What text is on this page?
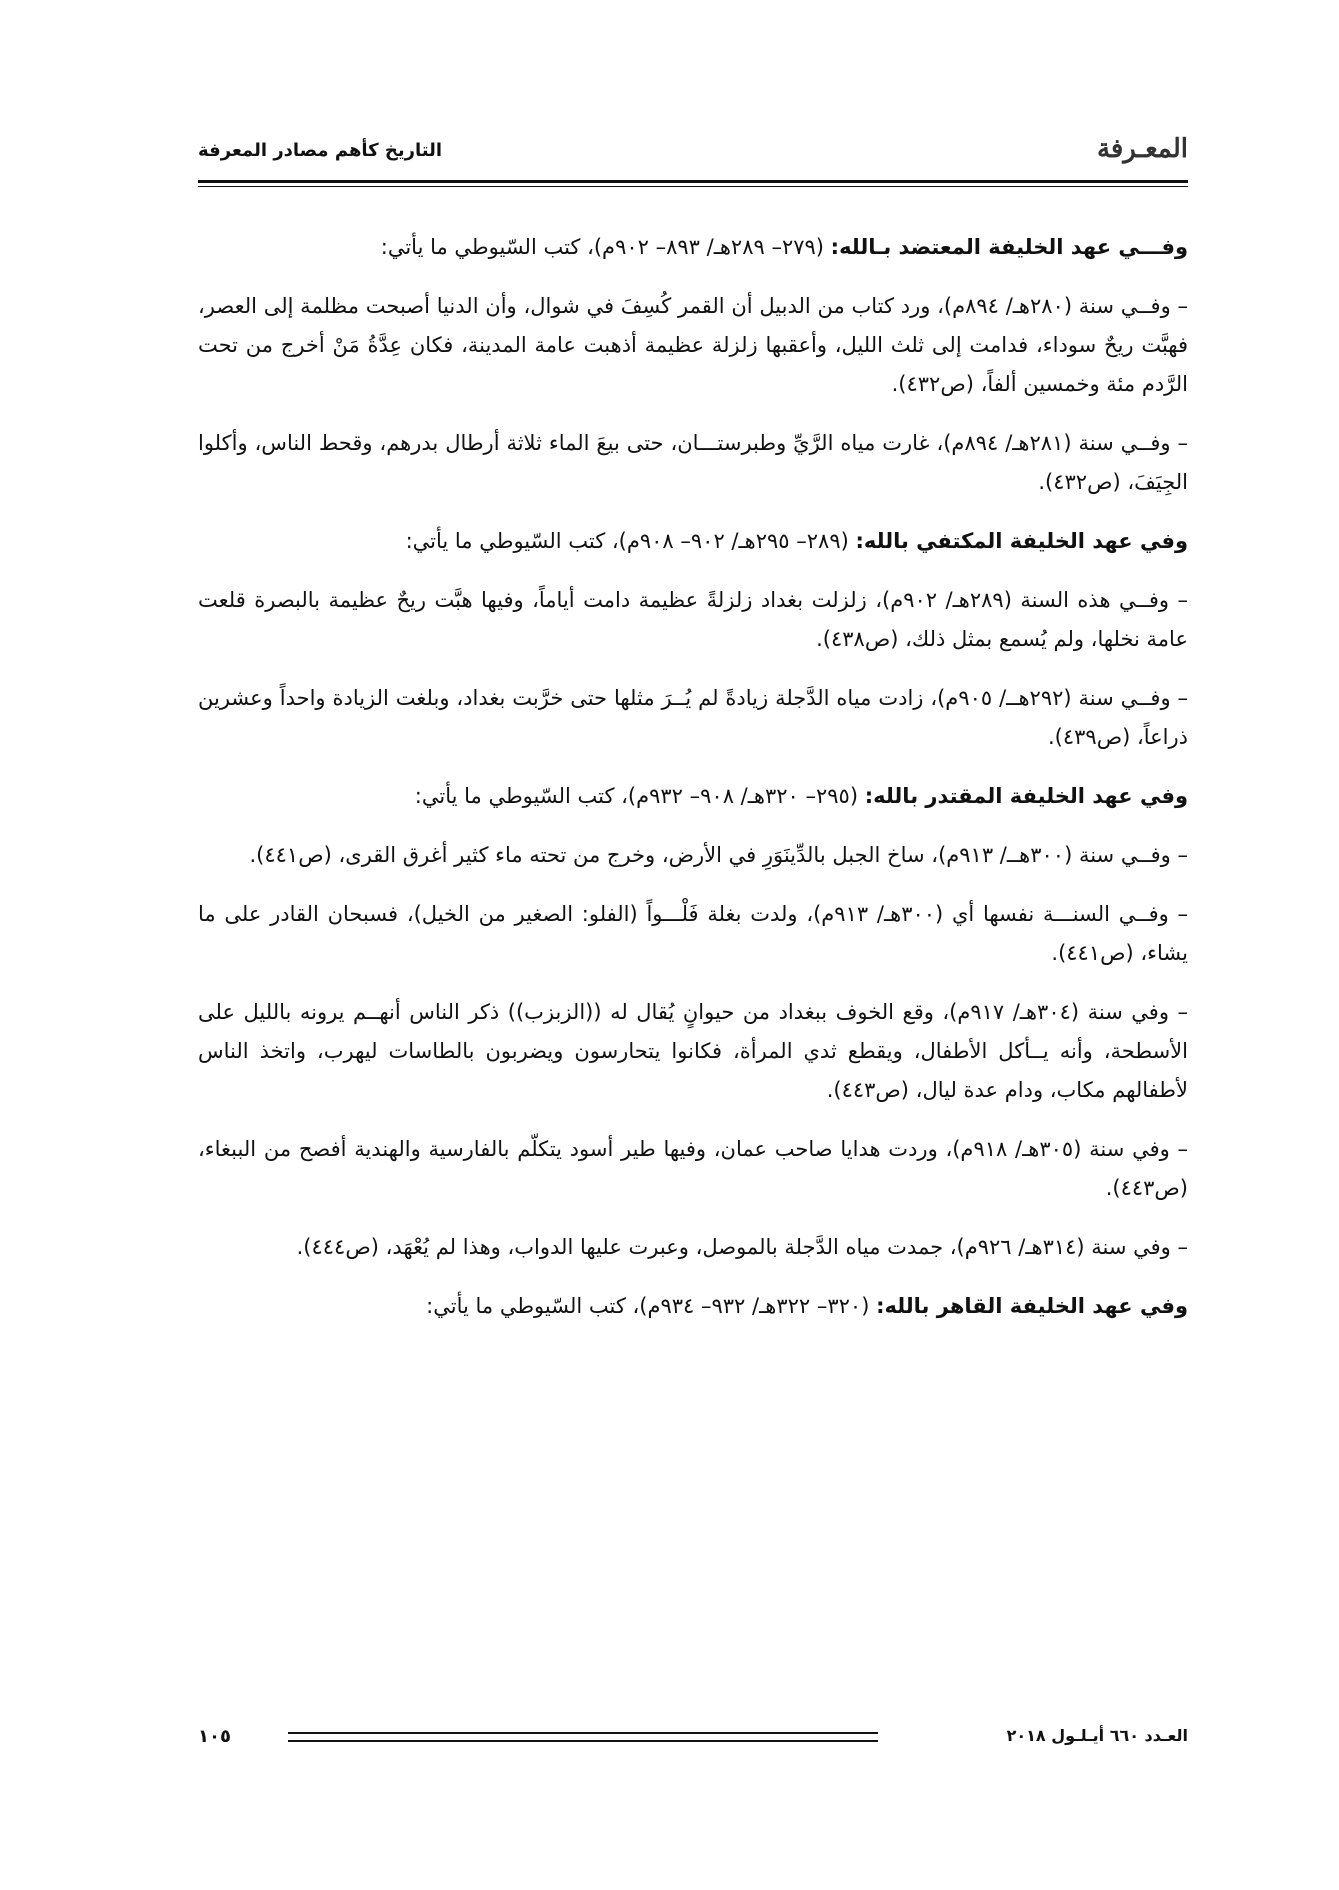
المعـرفة
التاريخ كأهم مصادر المعرفة

وفـــي عهد الخليفة المعتضد بـالله: (٢٧٩– ٢٨٩هـ/ ٨٩٣– ٩٠٢م)، كتب السّيوطي ما يأتي:

– وفــي سنة (٢٨٠هـ/ ٨٩٤م)، ورد كتاب من الدبيل أن القمر كُسِفَ في شوال، وأن الدنيا أصبحت مظلمة إلى العصر، فهبَّت ريحٌ سوداء، فدامت إلى ثلث الليل، وأعقبها زلزلة عظيمة أذهبت عامة المدينة، فكان عِدَّةُ مَنْ أخرج من تحت الرَّدم مئة وخمسين ألفاً، (ص٤٣٢).

– وفــي سنة (٢٨١هـ/ ٨٩٤م)، غارت مياه الرَّيِّ وطبرستـــان، حتى بيعَ الماء ثلاثة أرطال بدرهم، وقحط الناس، وأكلوا الجِيَفَ، (ص٤٣٢).

وفي عهد الخليفة المكتفي بالله: (٢٨٩– ٢٩٥هـ/ ٩٠٢– ٩٠٨م)، كتب السّيوطي ما يأتي:

– وفــي هذه السنة (٢٨٩هـ/ ٩٠٢م)، زلزلت بغداد زلزلةً عظيمة دامت أياماً، وفيها هبَّت ريحٌ عظيمة بالبصرة قلعت عامة نخلها، ولم يُسمع بمثل ذلك، (ص٤٣٨).

– وفــي سنة (٢٩٢هــ/ ٩٠٥م)، زادت مياه الدَّجلة زيادةً لم يُــرَ مثلها حتى خرَّبت بغداد، وبلغت الزيادة واحداً وعشرين ذراعاً، (ص٤٣٩).

وفي عهد الخليفة المقتدر بالله: (٢٩٥– ٣٢٠هـ/ ٩٠٨– ٩٣٢م)، كتب السّيوطي ما يأتي:

– وفــي سنة (٣٠٠هــ/ ٩١٣م)، ساخ الجبل بالدِّينَوَرِ في الأرض، وخرج من تحته ماء كثير أغرق القرى، (ص٤٤١).

– وفــي السنـــة نفسها أي (٣٠٠هـ/ ٩١٣م)، ولدت بغلة فَلْـــواً (الفلو: الصغير من الخيل)، فسبحان القادر على ما يشاء، (ص٤٤١).

– وفي سنة (٣٠٤هـ/ ٩١٧م)، وقع الخوف ببغداد من حيوانٍ يُقال له ((الزبزب)) ذكر الناس أنهــم يرونه بالليل على الأسطحة، وأنه يــأكل الأطفال، ويقطع ثدي المرأة، فكانوا يتحارسون ويضربون بالطاسات ليهرب، واتخذ الناس لأطفالهم مكاب، ودام عدة ليال، (ص٤٤٣).

– وفي سنة (٣٠٥هـ/ ٩١٨م)، وردت هدايا صاحب عمان، وفيها طير أسود يتكلّم بالفارسية والهندية أفصح من الببغاء، (ص٤٤٣).

– وفي سنة (٣١٤هـ/ ٩٢٦م)، جمدت مياه الدَّجلة بالموصل، وعبرت عليها الدواب، وهذا لم يُعْهَد، (ص٤٤٤).

وفي عهد الخليفة القاهر بالله: (٣٢٠– ٣٢٢هـ/ ٩٣٢– ٩٣٤م)، كتب السّيوطي ما يأتي:

العـدد ٦٦٠ أيـلـول ٢٠١٨
١٠٥
